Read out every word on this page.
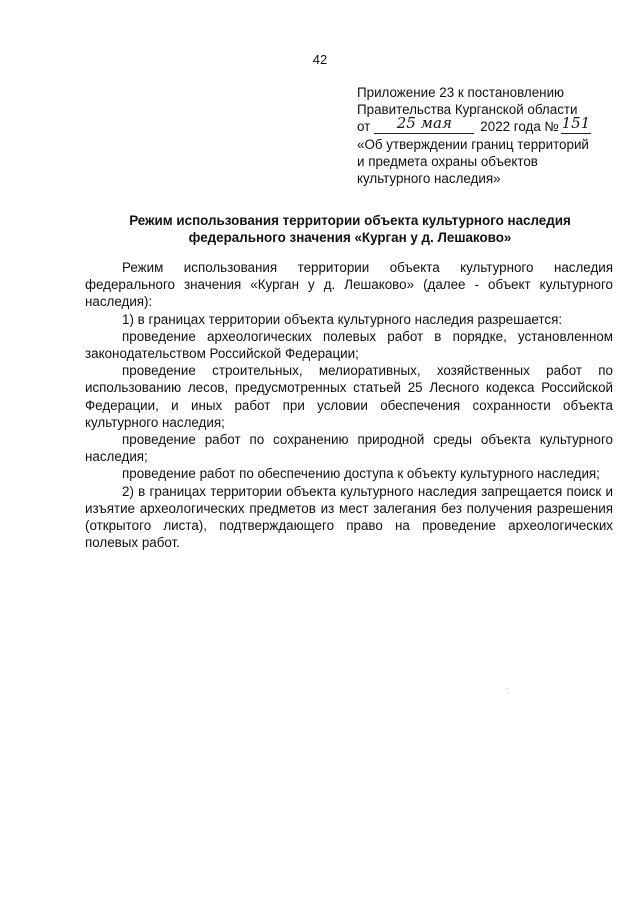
42
Приложение 23 к постановлению
Правительства Курганской области
от 25 мая 2022 года № 151
«Об утверждении границ территорий
и предмета охраны объектов
культурного наследия»
Режим использования территории объекта культурного наследия
федерального значения «Курган у д. Лешаково»

Режим использования территории объекта культурного наследия федерального значения «Курган у д. Лешаково» (далее - объект культурного наследия):

1) в границах территории объекта культурного наследия разрешается:

проведение археологических полевых работ в порядке, установленном законодательством Российской Федерации;

проведение строительных, мелиоративных, хозяйственных работ по использованию лесов, предусмотренных статьей 25 Лесного кодекса Российской Федерации, и иных работ при условии обеспечения сохранности объекта культурного наследия;

проведение работ по сохранению природной среды объекта культурного наследия;

проведение работ по обеспечению доступа к объекту культурного наследия;

2) в границах территории объекта культурного наследия запрещается поиск и изъятие археологических предметов из мест залегания без получения разрешения (открытого листа), подтверждающего право на проведение археологических полевых работ.
